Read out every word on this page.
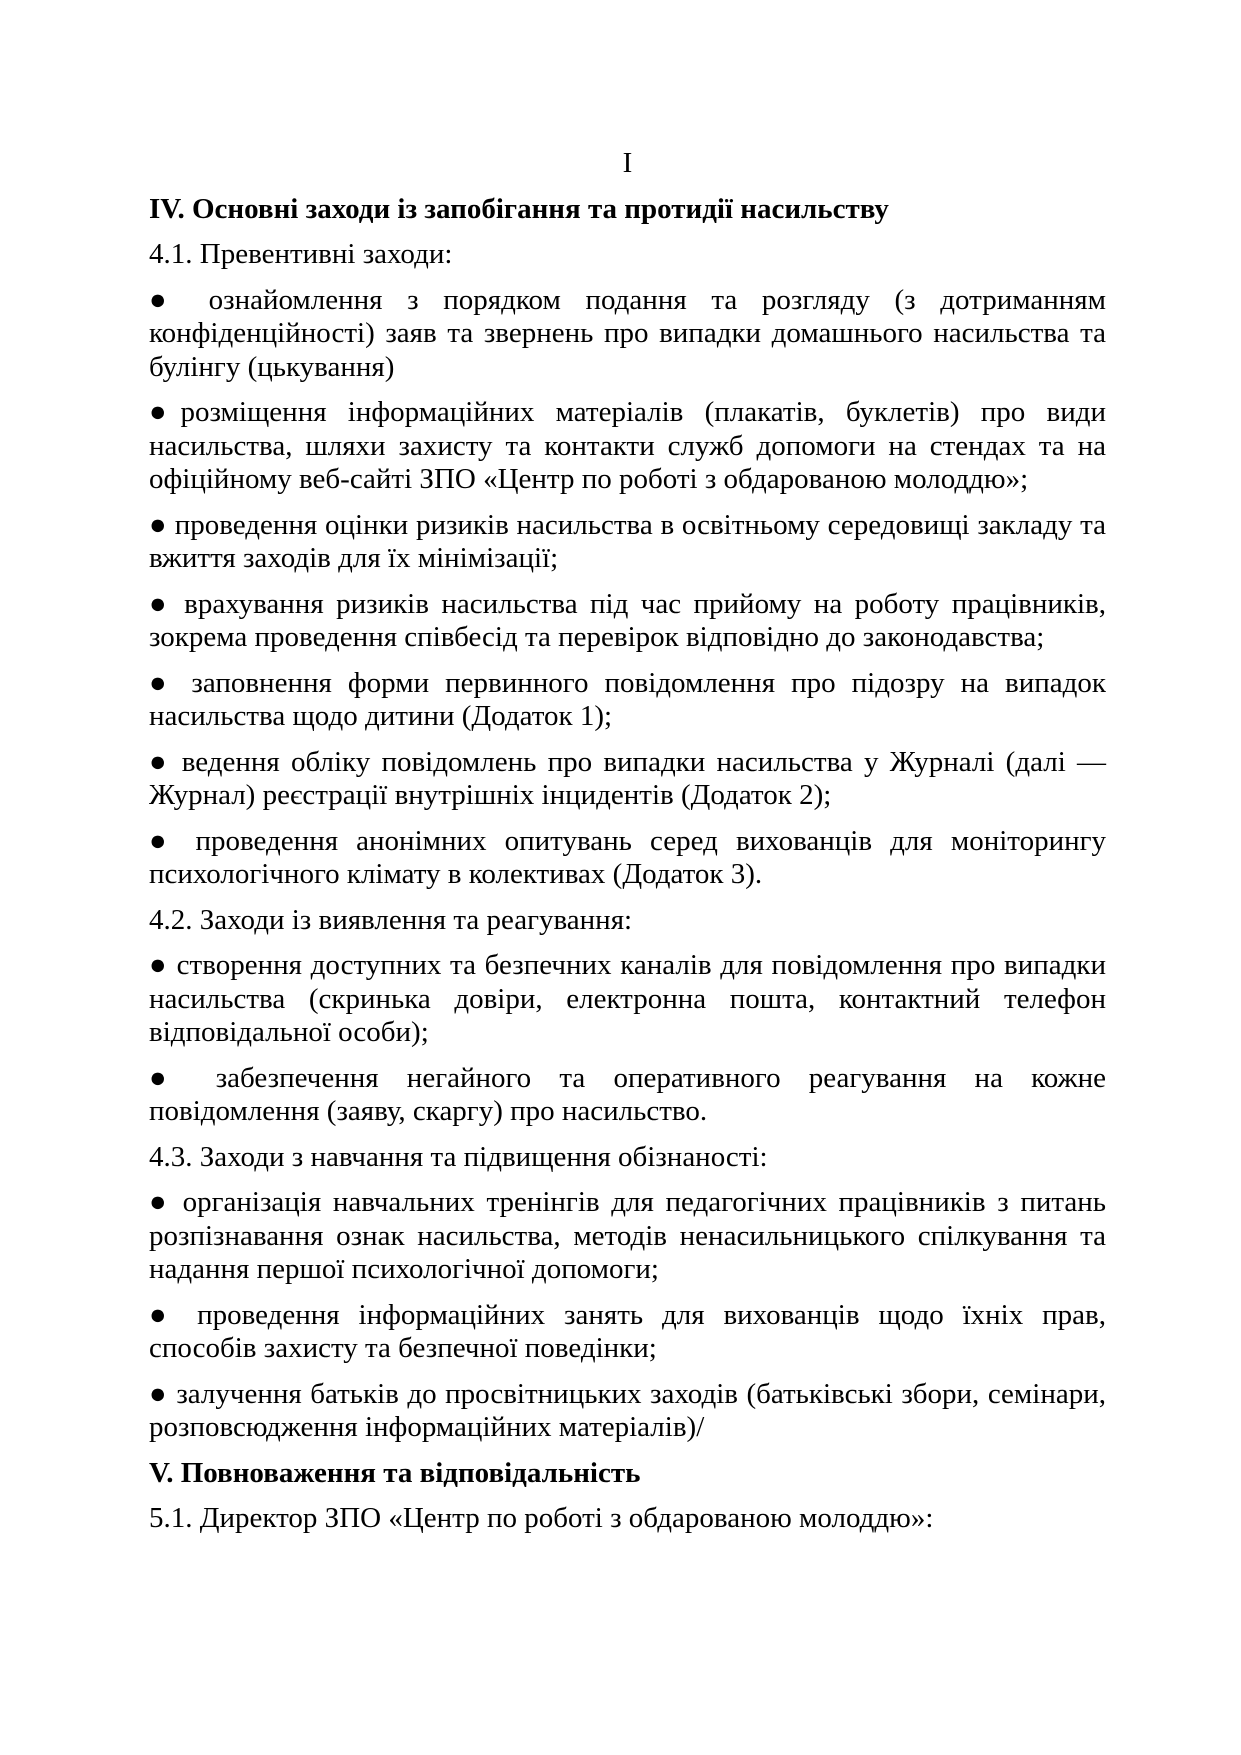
I

IV. Основні заходи із запобігання та протидії насильству

4.1. Превентивні заходи:

● ознайомлення з порядком подання та розгляду (з дотриманням конфіденційності) заяв та звернень про випадки домашнього насильства та булінгу (цькування)

●розміщення інформаційних матеріалів (плакатів, буклетів) про види насильства, шляхи захисту та контакти служб допомоги на стендах та на офіційному веб-сайті ЗПО «Центр по роботі з обдарованою молоддю»;

● проведення оцінки ризиків насильства в освітньому середовищі закладу та вжиття заходів для їх мінімізації;

● врахування ризиків насильства під час прийому на роботу працівників, зокрема проведення співбесід та перевірок відповідно до законодавства;

● заповнення форми первинного повідомлення про підозру на випадок насильства щодо дитини (Додаток 1);

● ведення обліку повідомлень про випадки насильства у Журналі (далі — Журнал) реєстрації внутрішніх інцидентів (Додаток 2);

● проведення анонімних опитувань серед вихованців для моніторингу психологічного клімату в колективах (Додаток 3).

4.2. Заходи із виявлення та реагування:

● створення доступних та безпечних каналів для повідомлення про випадки насильства (скринька довіри, електронна пошта, контактний телефон відповідальної особи);

● забезпечення негайного та оперативного реагування на кожне повідомлення (заяву, скаргу) про насильство.

4.3. Заходи з навчання та підвищення обізнаності:

● організація навчальних тренінгів для педагогічних працівників з питань розпізнавання ознак насильства, методів ненасильницького спілкування та надання першої психологічної допомоги;

● проведення інформаційних занять для вихованців щодо їхніх прав, способів захисту та безпечної поведінки;

● залучення батьків до просвітницьких заходів (батьківські збори, семінари, розповсюдження інформаційних матеріалів)/

V. Повноваження та відповідальність

5.1. Директор ЗПО «Центр по роботі з обдарованою молоддю»:
